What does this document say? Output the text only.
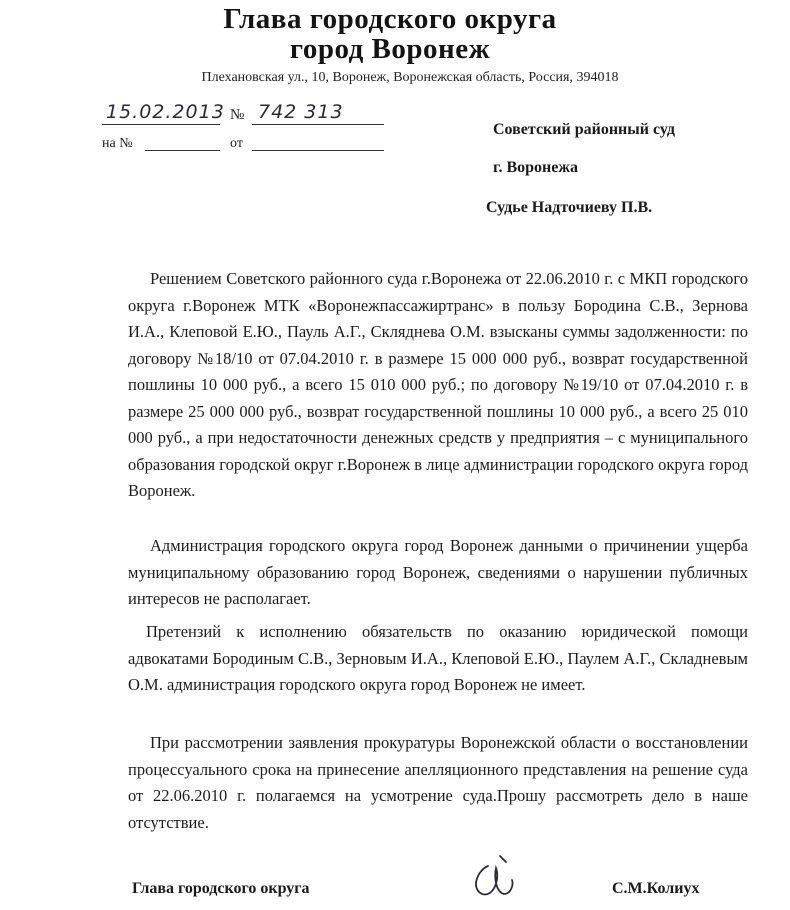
Глава городского округа
город Воронеж
Плехановская ул., 10, Воронеж, Воронежская область, Россия, 394018
15.02.2013 № 742 313
на №	от
Советский районный суд
г. Воронежа
Судье Надточиеву П.В.
Решением Советского районного суда г.Воронежа от 22.06.2010 г. с МКП городского округа г.Воронеж МТК «Воронежпассажиртранс» в пользу Бородина С.В., Зернова И.А., Клеповой Е.Ю., Пауль А.Г., Скляднева О.М. взысканы суммы задолженности: по договору №18/10 от 07.04.2010 г. в размере 15 000 000 руб., возврат государственной пошлины 10 000 руб., а всего 15 010 000 руб.; по договору №19/10 от 07.04.2010 г. в размере 25 000 000 руб., возврат государственной пошлины 10 000 руб., а всего 25 010 000 руб., а при недостаточности денежных средств у предприятия – с муниципального образования городской округ г.Воронеж в лице администрации городского округа город Воронеж.
Администрация городского округа город Воронеж данными о причинении ущерба муниципальному образованию город Воронеж, сведениями о нарушении публичных интересов не располагает.
Претензий к исполнению обязательств по оказанию юридической помощи адвокатами Бородиным С.В., Зерновым И.А., Клеповой Е.Ю., Паулем А.Г., Складневым О.М. администрация городского округа город Воронеж не имеет.
При рассмотрении заявления прокуратуры Воронежской области о восстановлении процессуального срока на принесение апелляционного представления на решение суда от 22.06.2010 г. полагаемся на усмотрение суда.Прошу рассмотреть дело в наше отсутствие.
Глава городского округа	С.М.Колиух
